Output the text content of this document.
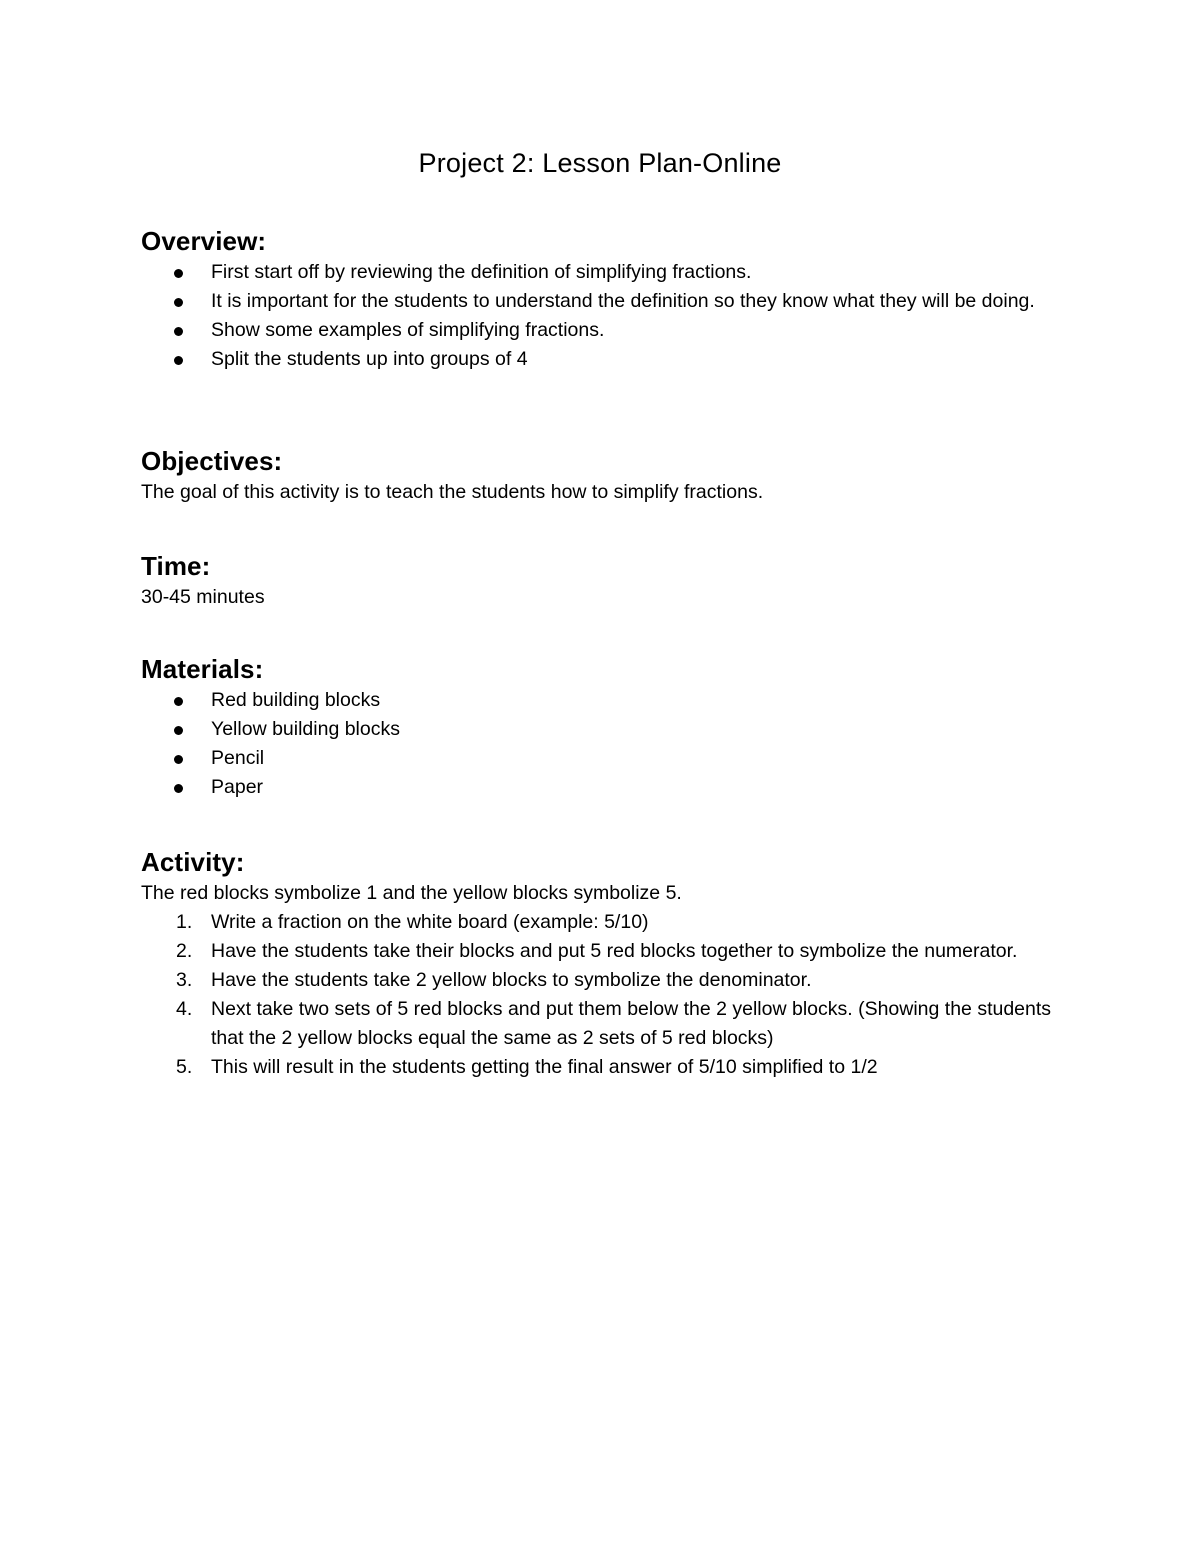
Project 2: Lesson Plan-Online
Overview:
First start off by reviewing the definition of simplifying fractions.
It is important for the students to understand the definition so they know what they will be doing.
Show some examples of simplifying fractions.
Split the students up into groups of 4
Objectives:

The goal of this activity is to teach the students how to simplify fractions.

Time:

30-45 minutes

Materials:
Red building blocks
Yellow building blocks
Pencil
Paper
Activity:

The red blocks symbolize 1 and the yellow blocks symbolize 5.

1. Write a fraction on the white board (example: 5/10)
2. Have the students take their blocks and put 5 red blocks together to symbolize the numerator.
3. Have the students take 2 yellow blocks to symbolize the denominator.
4. Next take two sets of 5 red blocks and put them below the 2 yellow blocks. (Showing the students that the 2 yellow blocks equal the same as 2 sets of 5 red blocks)
5. This will result in the students getting the final answer of 5/10 simplified to 1/2
